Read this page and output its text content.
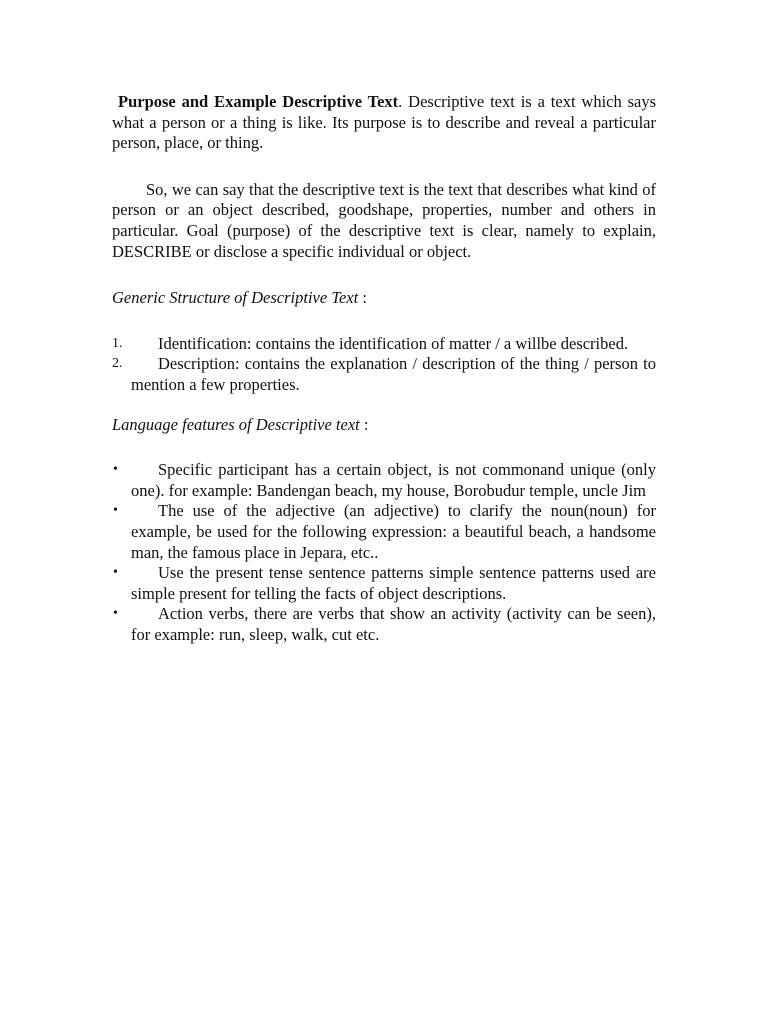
Purpose and Example Descriptive Text. Descriptive text is a text which says what a person or a thing is like. Its purpose is to describe and reveal a particular person, place, or thing.

So, we can say that the descriptive text is the text that describes what kind of person or an object described, goodshape, properties, number and others in particular. Goal (purpose) of the descriptive text is clear, namely to explain, DESCRIBE or disclose a specific individual or object.

Generic Structure of Descriptive Text :

1.	Identification: contains the identification of matter / a willbe described.
2.	Description: contains the explanation / description of the thing / person to mention a few properties.

Language features of Descriptive text :

•	Specific participant has a certain object, is not commonand unique (only one). for example: Bandengan beach, my house, Borobudur temple, uncle Jim
•	The use of the adjective (an adjective) to clarify the noun(noun) for example, be used for the following expression: a beautiful beach, a handsome man, the famous place in Jepara, etc..
•	Use the present tense sentence patterns simple sentence patterns used are simple present for telling the facts of object descriptions.
•	Action verbs, there are verbs that show an activity (activity can be seen), for example: run, sleep, walk, cut etc.
